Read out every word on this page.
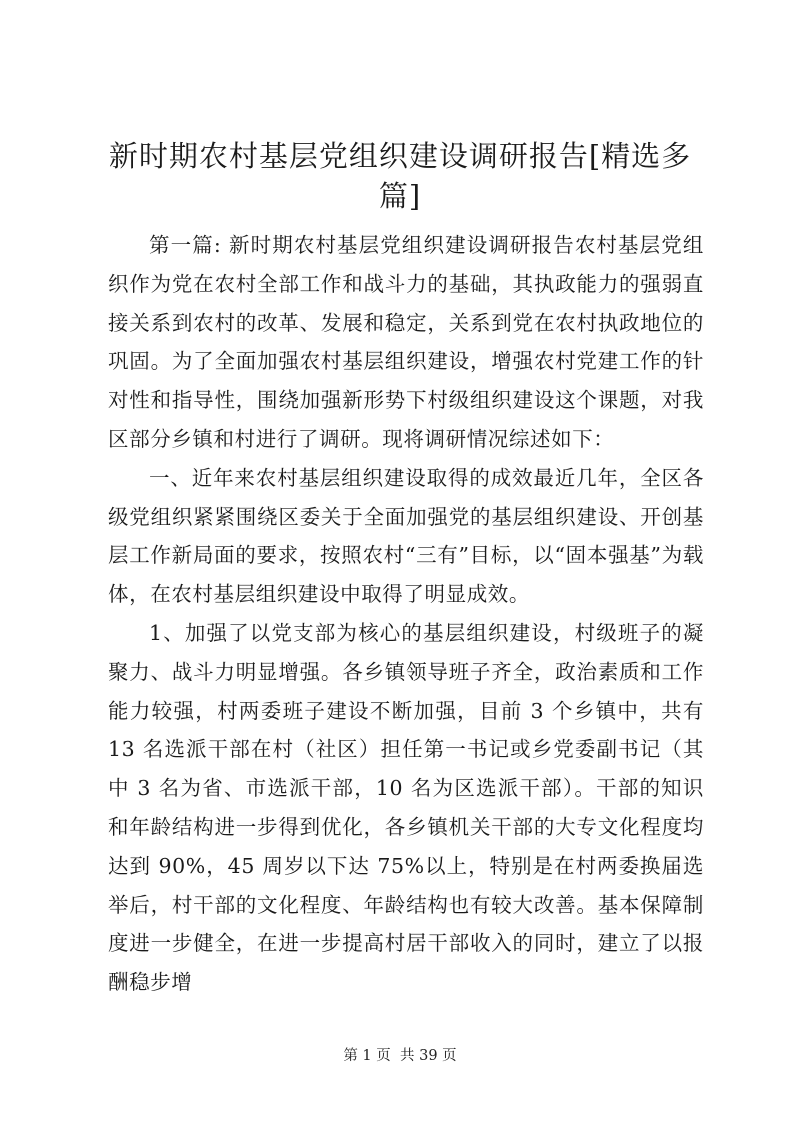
新时期农村基层党组织建设调研报告[精选多篇]

第一篇: 新时期农村基层党组织建设调研报告农村基层党组织作为党在农村全部工作和战斗力的基础，其执政能力的强弱直接关系到农村的改革、发展和稳定，关系到党在农村执政地位的巩固。为了全面加强农村基层组织建设，增强农村党建工作的针对性和指导性，围绕加强新形势下村级组织建设这个课题，对我区部分乡镇和村进行了调研。现将调研情况综述如下：

一、近年来农村基层组织建设取得的成效最近几年，全区各级党组织紧紧围绕区委关于全面加强党的基层组织建设、开创基层工作新局面的要求，按照农村“三有”目标，以“固本强基”为载体，在农村基层组织建设中取得了明显成效。

1、加强了以党支部为核心的基层组织建设，村级班子的凝聚力、战斗力明显增强。各乡镇领导班子齐全，政治素质和工作能力较强，村两委班子建设不断加强，目前 3 个乡镇中，共有 13 名选派干部在村（社区）担任第一书记或乡党委副书记（其中 3 名为省、市选派干部，10 名为区选派干部）。干部的知识和年龄结构进一步得到优化，各乡镇机关干部的大专文化程度均达到 90%，45 周岁以下达 75%以上，特别是在村两委换届选举后，村干部的文化程度、年龄结构也有较大改善。基本保障制度进一步健全，在进一步提高村居干部收入的同时，建立了以报酬稳步增

第 1 页  共 39 页
